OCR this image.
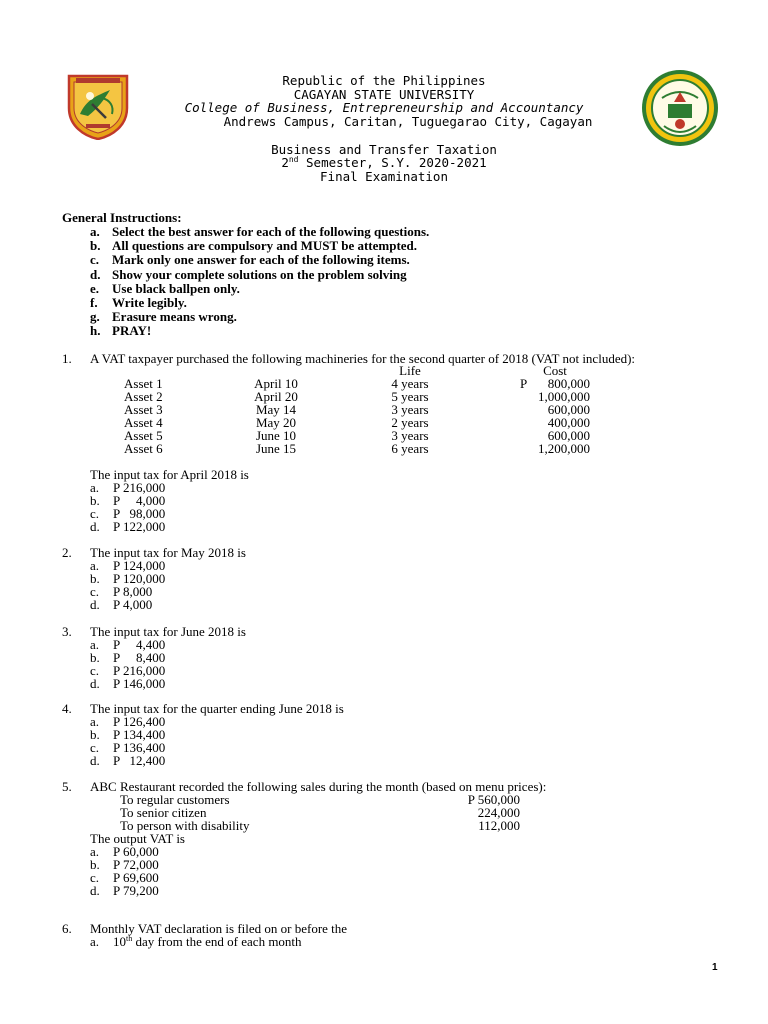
Republic of the Philippines
CAGAYAN STATE UNIVERSITY
College of Business, Entrepreneurship and Accountancy
Andrews Campus, Caritan, Tuguegarao City, Cagayan
Business and Transfer Taxation
2nd Semester, S.Y. 2020-2021
Final Examination
General Instructions:
a. Select the best answer for each of the following questions.
b. All questions are compulsory and MUST be attempted.
c. Mark only one answer for each of the following items.
d. Show your complete solutions on the problem solving
e. Use black ballpen only.
f. Write legibly.
g. Erasure means wrong.
h. PRAY!
1. A VAT taxpayer purchased the following machineries for the second quarter of 2018 (VAT not included):
Life	Cost
Asset 1	April 10	4 years	P	800,000
Asset 2	April 20	5 years	1,000,000
Asset 3	May 14	3 years	600,000
Asset 4	May 20	2 years	400,000
Asset 5	June 10	3 years	600,000
Asset 6	June 15	6 years	1,200,000
The input tax for April 2018 is
a. P 216,000
b. P     4,000
c. P   98,000
d. P 122,000
2. The input tax for May 2018 is
a. P 124,000
b. P 120,000
c. P 8,000
d. P 4,000
3. The input tax for June 2018 is
a. P     4,400
b. P     8,400
c. P 216,000
d. P 146,000
4. The input tax for the quarter ending June 2018 is
a. P 126,400
b. P 134,400
c. P 136,400
d. P   12,400
5. ABC Restaurant recorded the following sales during the month (based on menu prices):
To regular customers	P 560,000
To senior citizen	224,000
To person with disability	112,000
The output VAT is
a. P 60,000
b. P 72,000
c. P 69,600
d. P 79,200
6. Monthly VAT declaration is filed on or before the
a. 10th day from the end of each month
1
